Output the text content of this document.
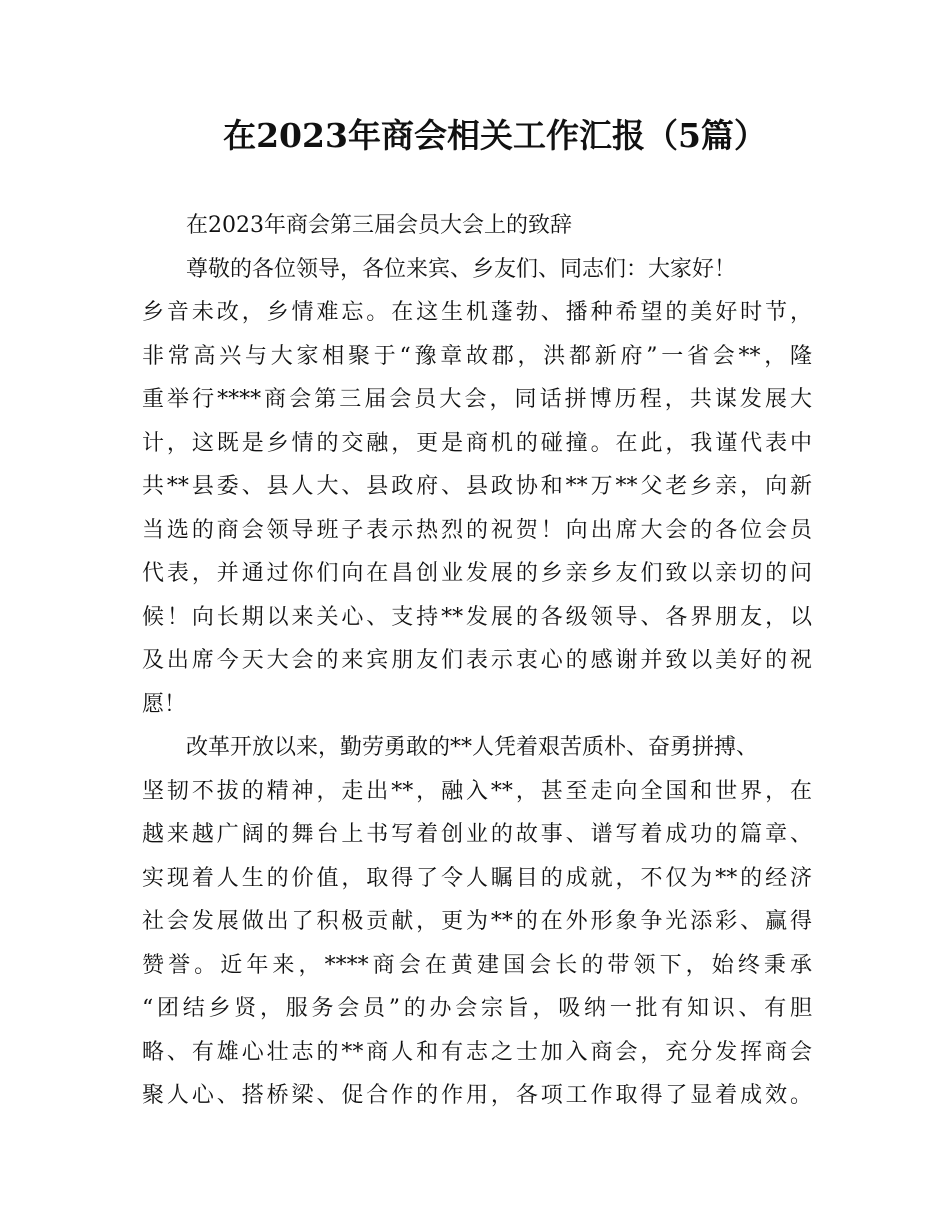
在2023年商会相关工作汇报（5篇）
在2023年商会第三届会员大会上的致辞
尊敬的各位领导，各位来宾、乡友们、同志们：大家好！
乡音未改，乡情难忘。在这生机蓬勃、播种希望的美好时节，
非常高兴与大家相聚于“豫章故郡，洪都新府”一省会**，隆
重举行****商会第三届会员大会，同话拼博历程，共谋发展大
计，这既是乡情的交融，更是商机的碰撞。在此，我谨代表中
共**县委、县人大、县政府、县政协和**万**父老乡亲，向新
当选的商会领导班子表示热烈的祝贺！向出席大会的各位会员
代表，并通过你们向在昌创业发展的乡亲乡友们致以亲切的问
候！向长期以来关心、支持**发展的各级领导、各界朋友，以
及出席今天大会的来宾朋友们表示衷心的感谢并致以美好的祝
愿！
改革开放以来，勤劳勇敢的**人凭着艰苦质朴、奋勇拼搏、
坚韧不拔的精神，走出**，融入**，甚至走向全国和世界，在
越来越广阔的舞台上书写着创业的故事、谱写着成功的篇章、
实现着人生的价值，取得了令人瞩目的成就，不仅为**的经济
社会发展做出了积极贡献，更为**的在外形象争光添彩、赢得
赞誉。近年来，****商会在黄建国会长的带领下，始终秉承
“团结乡贤，服务会员”的办会宗旨，吸纳一批有知识、有胆
略、有雄心壮志的**商人和有志之士加入商会，充分发挥商会
聚人心、搭桥梁、促合作的作用，各项工作取得了显着成效。
